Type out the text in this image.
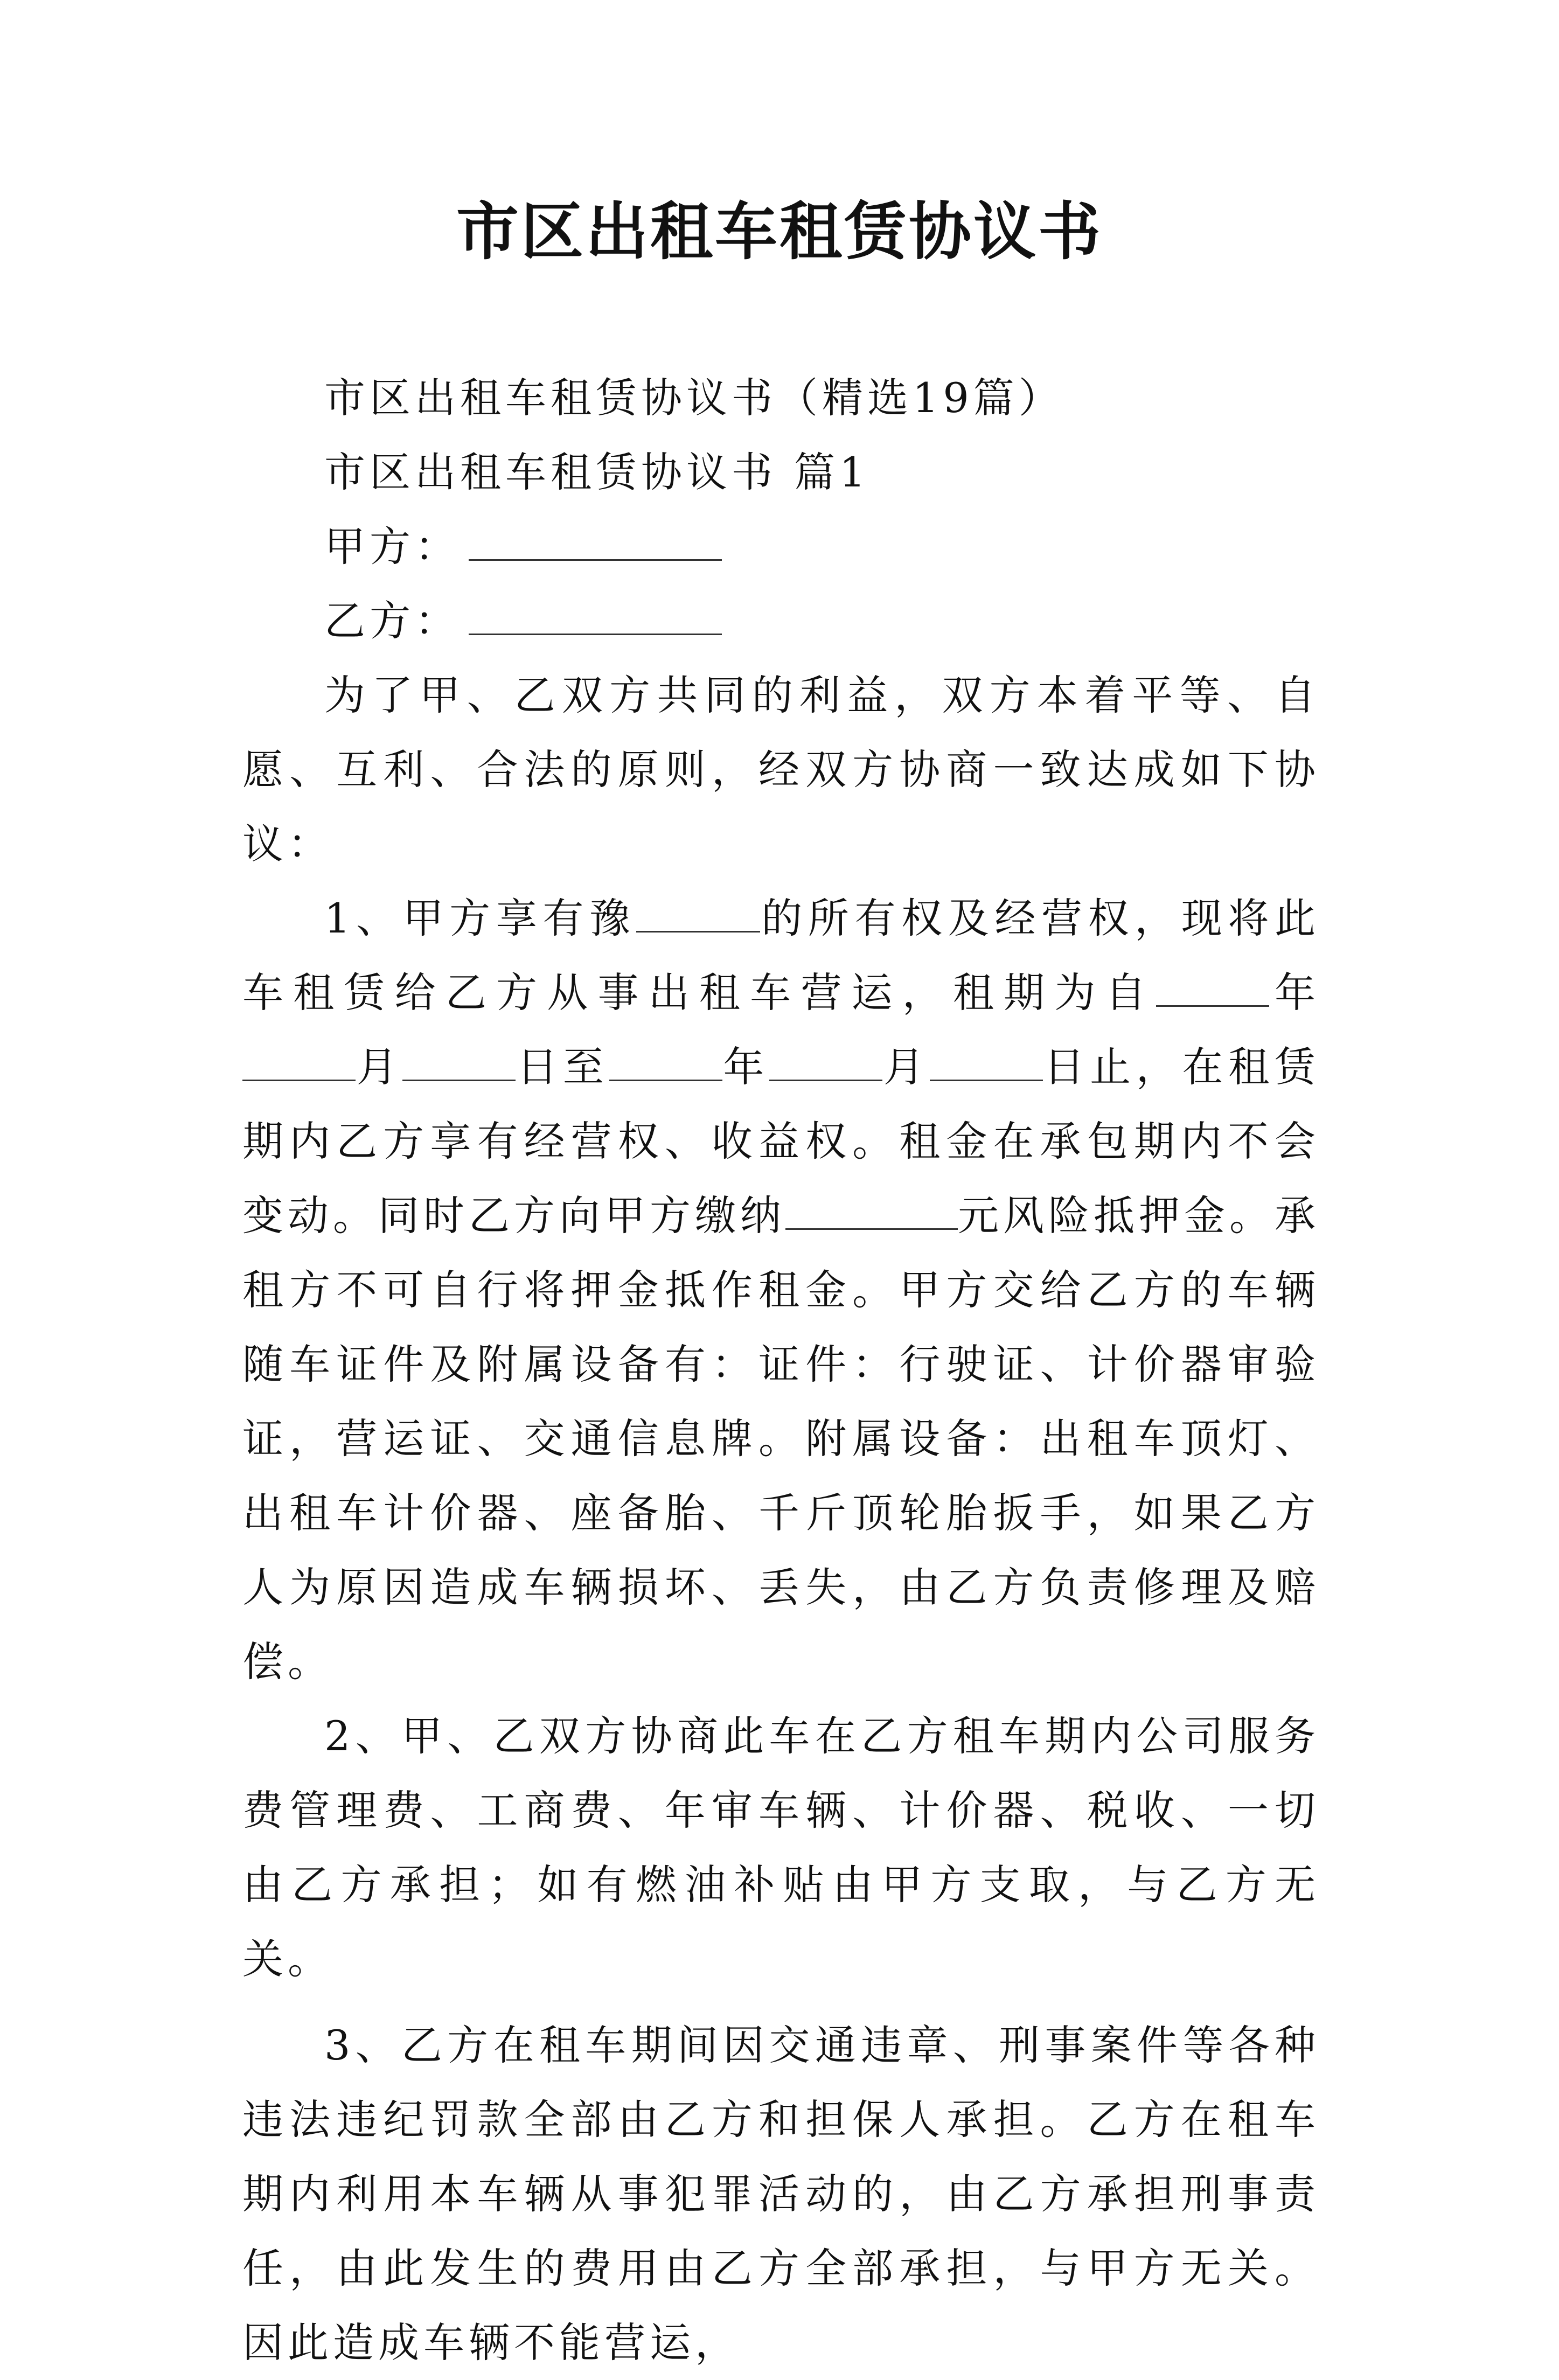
市区出租车租赁协议书

市区出租车租赁协议书（精选19篇）

市区出租车租赁协议书 篇1

甲方：

乙方：

为了甲、乙双方共同的利益，双方本着平等、自愿、互利、合法的原则，经双方协商一致达成如下协议：

1、甲方享有豫	的所有权及经营权，现将此车租赁给乙方从事出租车营运，租期为自	年月	日至	年	月	日止，在租赁期内乙方享有经营权、收益权。租金在承包期内不会变动。同时乙方向甲方缴纳	元风险抵押金。承租方不可自行将押金抵作租金。甲方交给乙方的车辆随车证件及附属设备有：证件：行驶证、计价器审验证，营运证、交通信息牌。附属设备：出租车顶灯、出租车计价器、座备胎、千斤顶轮胎扳手，如果乙方人为原因造成车辆损坏、丢失，由乙方负责修理及赔偿。

2、甲、乙双方协商此车在乙方租车期内公司服务费管理费、工商费、年审车辆、计价器、税收、一切由乙方承担；如有燃油补贴由甲方支取，与乙方无关。

3、乙方在租车期间因交通违章、刑事案件等各种违法违纪罚款全部由乙方和担保人承担。乙方在租车期内利用本车辆从事犯罪活动的，由乙方承担刑事责任，由此发生的费用由乙方全部承担，与甲方无关。因此造成车辆不能营运，
